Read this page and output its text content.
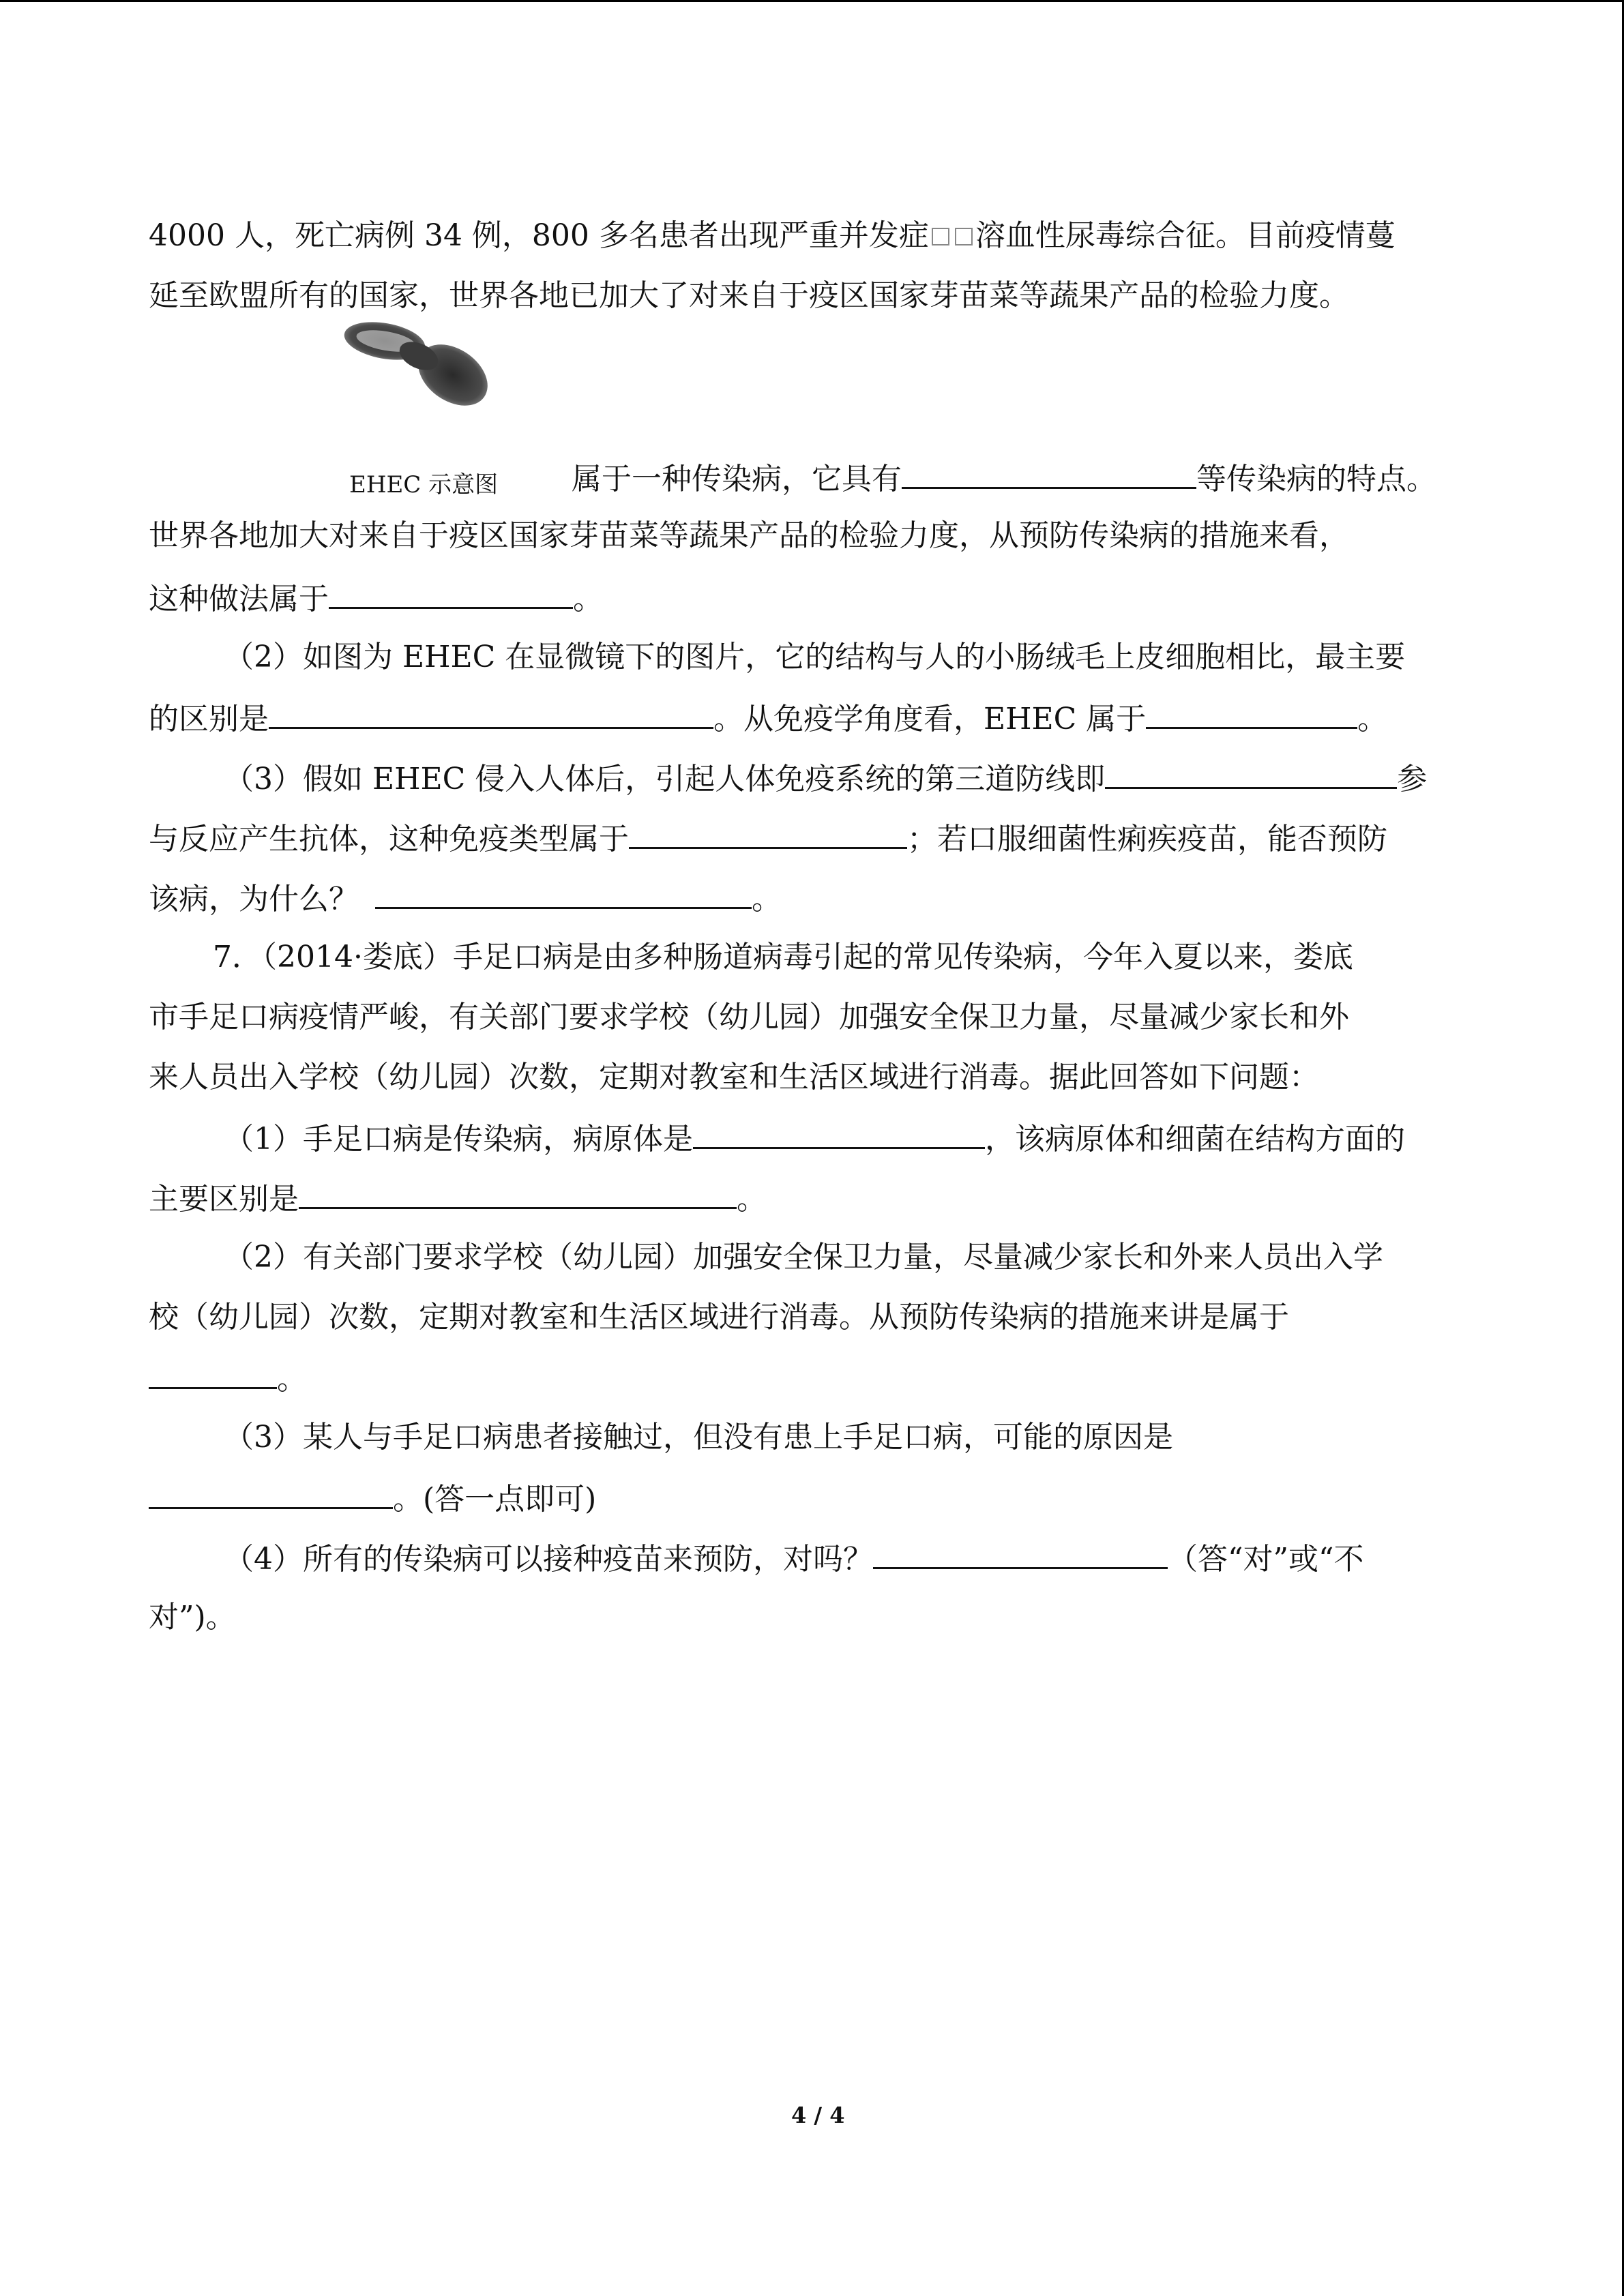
4000 人，死亡病例 34 例，800 多名患者出现严重并发症 溶血性尿毒综合征。目前疫情蔓
延至欧盟所有的国家，世界各地已加大了对来自于疫区国家芽苗菜等蔬果产品的检验力度。
EHEC 示意图 属于一种传染病，它具有	等传染病的特点。
世界各地加大对来自于疫区国家芽苗菜等蔬果产品的检验力度，从预防传染病的措施来看，
这种做法属于	。
（2）如图为 EHEC 在显微镜下的图片，它的结构与人的小肠绒毛上皮细胞相比，最主要
的区别是	。从免疫学角度看，EHEC 属于	。
（3）假如 EHEC 侵入人体后，引起人体免疫系统的第三道防线即	参
与反应产生抗体，这种免疫类型属于	；若口服细菌性痢疾疫苗，能否预防
该病，为什么？	。
7．（2014·娄底）手足口病是由多种肠道病毒引起的常见传染病，今年入夏以来，娄底
市手足口病疫情严峻，有关部门要求学校（幼儿园）加强安全保卫力量，尽量减少家长和外
来人员出入学校（幼儿园）次数，定期对教室和生活区域进行消毒。据此回答如下问题：
（1）手足口病是传染病，病原体是	，该病原体和细菌在结构方面的
主要区别是	。
（2）有关部门要求学校（幼儿园）加强安全保卫力量，尽量减少家长和外来人员出入学
校（幼儿园）次数，定期对教室和生活区域进行消毒。从预防传染病的措施来讲是属于
。
（3）某人与手足口病患者接触过，但没有患上手足口病，可能的原因是
。(答一点即可)
（4）所有的传染病可以接种疫苗来预防，对吗？	（答“对”或“不
对”)。
4 / 4
